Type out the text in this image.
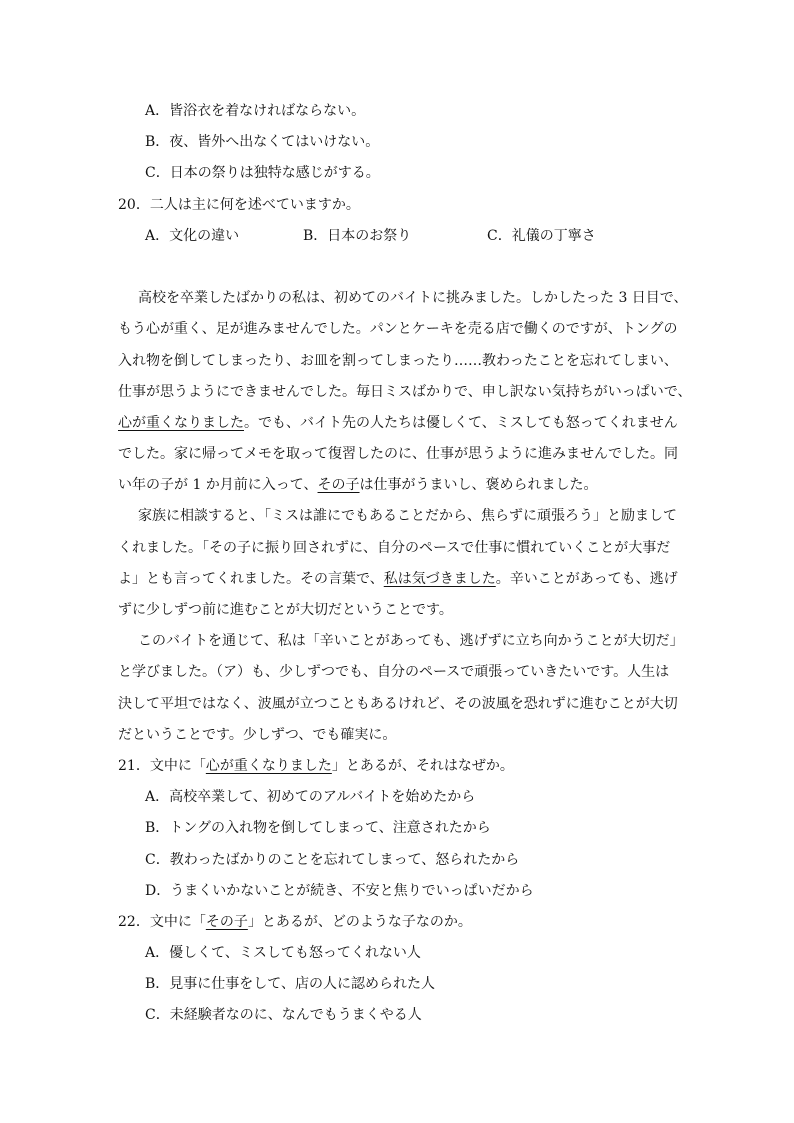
A．皆浴衣を着なければならない。
B．夜、皆外へ出なくてはいけない。
C．日本の祭りは独特な感じがする。
20．二人は主に何を述べていますか。
A．文化の違い	B．日本のお祭り	C．礼儀の丁寧さ
高校を卒業したばかりの私は、初めてのバイトに挑みました。しかしたった 3 日目で、
もう心が重く、足が進みませんでした。パンとケーキを売る店で働くのですが、トングの
入れ物を倒してしまったり、お皿を割ってしまったり……教わったことを忘れてしまい、
仕事が思うようにできませんでした。毎日ミスばかりで、申し訳ない気持ちがいっぱいで、
心が重くなりました。でも、バイト先の人たちは優しくて、ミスしても怒ってくれません
でした。家に帰ってメモを取って復習したのに、仕事が思うように進みませんでした。同
い年の子が 1 か月前に入って、その子は仕事がうまいし、褒められました。
家族に相談すると、「ミスは誰にでもあることだから、焦らずに頑張ろう」と励まして
くれました。「その子に振り回されずに、自分のペースで仕事に慣れていくことが大事だ
よ」とも言ってくれました。その言葉で、私は気づきました。辛いことがあっても、逃げ
ずに少しずつ前に進むことが大切だということです。
このバイトを通じて、私は「辛いことがあっても、逃げずに立ち向かうことが大切だ」
と学びました。（ア）も、少しずつでも、自分のペースで頑張っていきたいです。人生は
決して平坦ではなく、波風が立つこともあるけれど、その波風を恐れずに進むことが大切
だということです。少しずつ、でも確実に。
21．文中に「心が重くなりました」とあるが、それはなぜか。
A．高校卒業して、初めてのアルバイトを始めたから
B．トングの入れ物を倒してしまって、注意されたから
C．教わったばかりのことを忘れてしまって、怒られたから
D．うまくいかないことが続き、不安と焦りでいっぱいだから
22．文中に「その子」とあるが、どのような子なのか。
A．優しくて、ミスしても怒ってくれない人
B．見事に仕事をして、店の人に認められた人
C．未経験者なのに、なんでもうまくやる人
